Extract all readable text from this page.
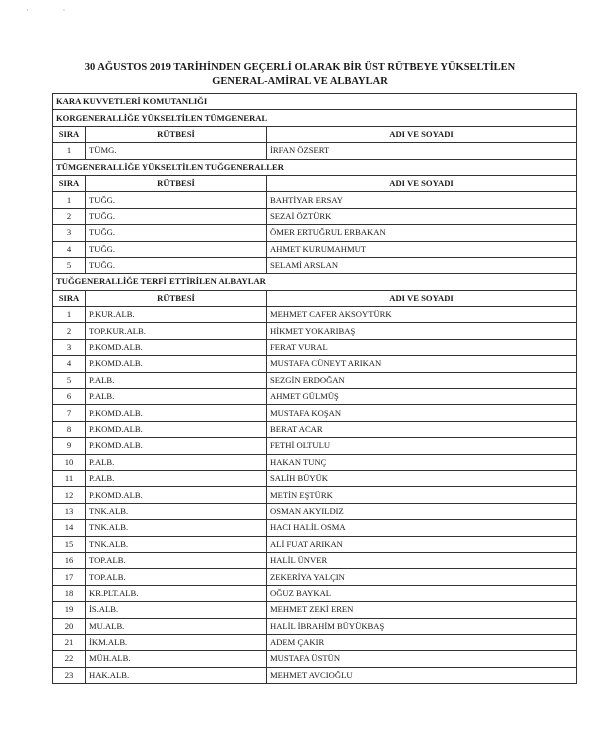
· ·
30 AĞUSTOS 2019 TARİHİNDEN GEÇERLİ OLARAK BİR ÜST RÜTBEYE YÜKSELTİLEN
GENERAL-AMİRAL VE ALBAYLAR
KARA KUVVETLERİ KOMUTANLIĞI		
KORGENERALLİĞE YÜKSELTİLEN TÜMGENERAL		
SIRA	RÜTBESİ	ADI VE SOYADI
1	TÜMG.	İRFAN ÖZSERT
TÜMGENERALLİĞE YÜKSELTİLEN TUĞGENERALLER		
SIRA	RÜTBESİ	ADI VE SOYADI
1	TUĞG.	BAHTİYAR ERSAY
2	TUĞG.	SEZAİ ÖZTÜRK
3	TUĞG.	ÖMER ERTUĞRUL ERBAKAN
4	TUĞG.	AHMET KURUMAHMUT
5	TUĞG.	SELAMİ ARSLAN
TUĞGENERALLİĞE TERFİ ETTİRİLEN ALBAYLAR		
SIRA	RÜTBESİ	ADI VE SOYADI
1	P.KUR.ALB.	MEHMET CAFER AKSOYTÜRK
2	TOP.KUR.ALB.	HİKMET YOKARIBAŞ
3	P.KOMD.ALB.	FERAT VURAL
4	P.KOMD.ALB.	MUSTAFA CÜNEYT ARIKAN
5	P.ALB.	SEZGİN ERDOĞAN
6	P.ALB.	AHMET GÜLMÜŞ
7	P.KOMD.ALB.	MUSTAFA KOŞAN
8	P.KOMD.ALB.	BERAT ACAR
9	P.KOMD.ALB.	FETHİ OLTULU
10	P.ALB.	HAKAN TUNÇ
11	P.ALB.	SALİH BÜYÜK
12	P.KOMD.ALB.	METİN EŞTÜRK
13	TNK.ALB.	OSMAN AKYILDIZ
14	TNK.ALB.	HACI HALİL OSMA
15	TNK.ALB.	ALİ FUAT ARIKAN
16	TOP.ALB.	HALİL ÜNVER
17	TOP.ALB.	ZEKERİYA YALÇIN
18	KR.PLT.ALB.	OĞUZ BAYKAL
19	İS.ALB.	MEHMET ZEKİ EREN
20	MU.ALB.	HALİL İBRAHİM BÜYÜKBAŞ
21	İKM.ALB.	ADEM ÇAKIR
22	MÜH.ALB.	MUSTAFA ÜSTÜN
23	HAK.ALB.	MEHMET AVCIOĞLU
